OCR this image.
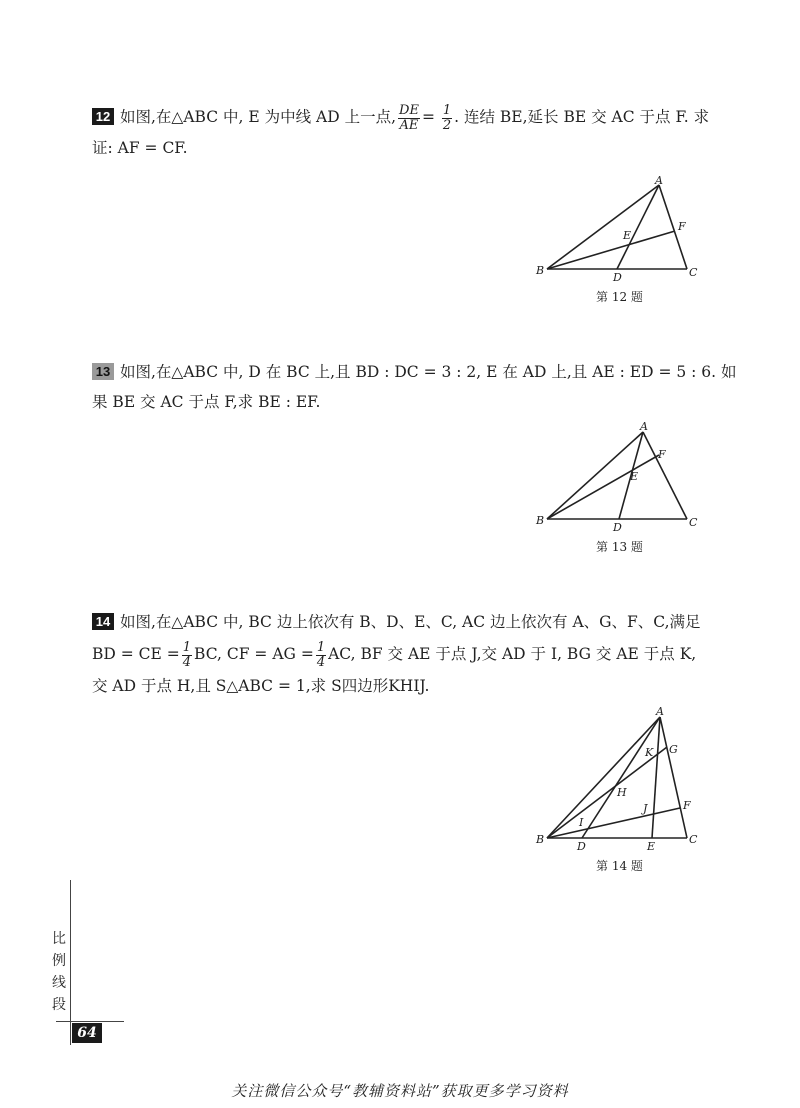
12 如图,在△ABC 中, E 为中线 AD 上一点, $\frac{DE}{AE} = \frac{1}{2}$ . 连结 BE,延长 BE 交 AC 于点 F. 求
证: AF = CF.
A
B	C
D
E
F
第 12 题
13 如图,在△ABC 中, D 在 BC 上,且 BD : DC = 3 : 2, E 在 AD 上,且 AE : ED = 5 : 6. 如
果 BE 交 AC 于点 F,求 BE : EF.
A
B	C
D
E
F
第 13 题
14 如图,在△ABC 中, BC 边上依次有 B、D、E、C, AC 边上依次有 A、G、F、C,满足
BD = CE = $\frac{1}{4}$ BC, CF = AG = $\frac{1}{4}$ AC, BF 交 AE 于点 J,交 AD 于 I, BG 交 AE 于点 K,
交 AD 于点 H,且 S△ABC = 1,求 S四边形KHIJ.
A
B	C
D	E
F
G
H
I
J
K
第 14 题
比
例
线
段
64
关注微信公众号“教辅资料站”获取更多学习资料
